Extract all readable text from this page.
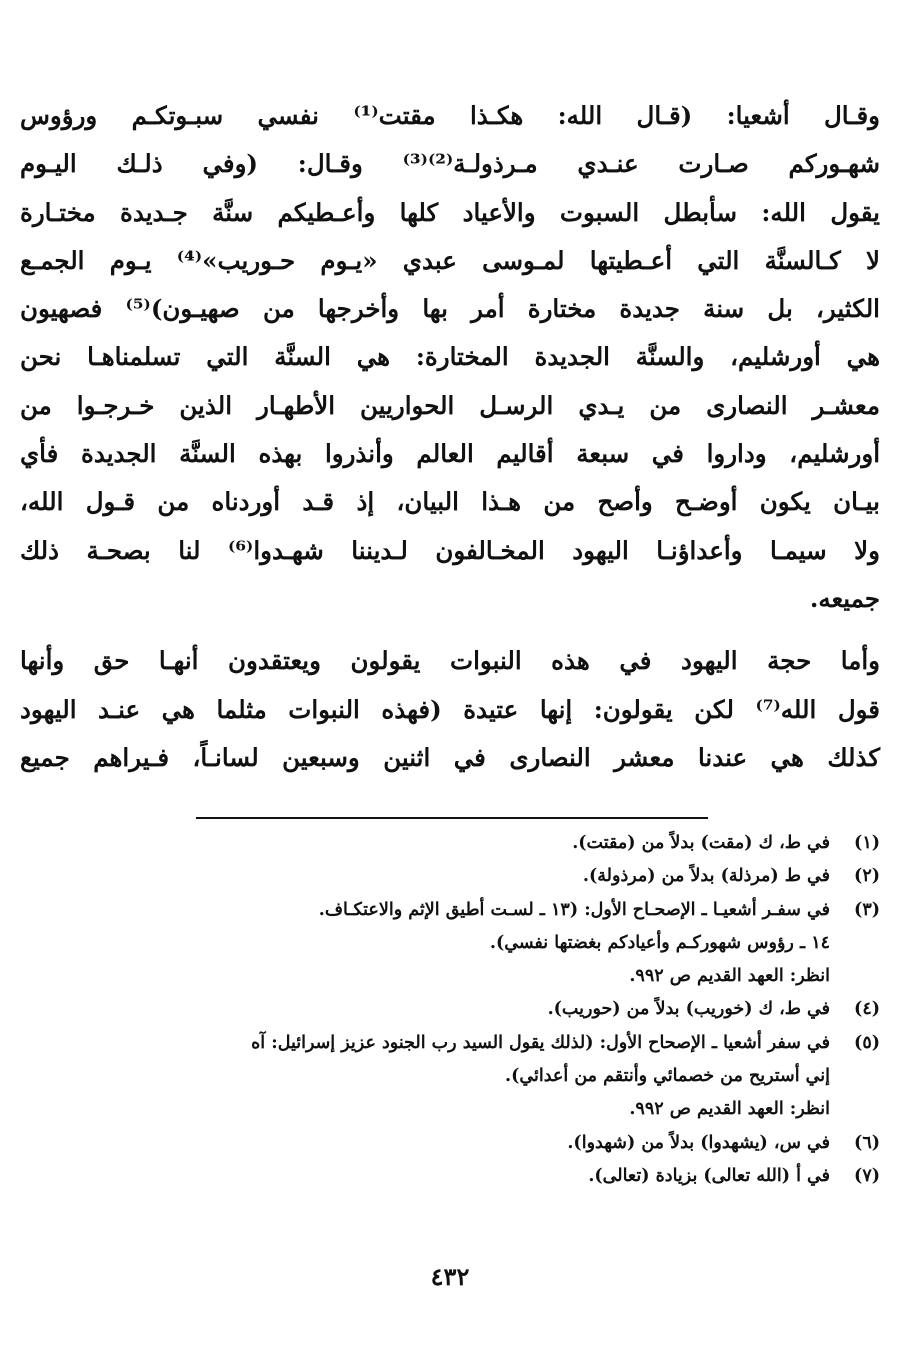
وقـال أشعيا: (قـال الله: هكـذا مقتت⁽¹⁾ نفسي سبـوتكـم ورؤوس
شهـوركم صـارت عنـدي مـرذولـة⁽²⁾⁽³⁾ وقـال: (وفي ذلـك اليـوم
يقول الله: سأبطل السبوت والأعياد كلها وأعـطيكم سنَّة جـديدة مختـارة
لا كـالسنَّة التي أعـطيتها لمـوسى عبدي «يـوم حـوريب»⁽⁴⁾ يـوم الجمـع
الكثير، بل سنة جديدة مختارة أمر بها وأخرجها من صهيـون)⁽⁵⁾ فصهيون
هي أورشليم، والسنَّة الجديدة المختارة: هي السنَّة التي تسلمناهـا نحن
معشـر النصارى من يـدي الرسـل الحواريين الأطهـار الذين خـرجـوا من
أورشليم، وداروا في سبعة أقاليم العالم وأنذروا بهذه السنَّة الجديدة فأي
بيـان يكون أوضـح وأصح من هـذا البيان، إذ قـد أوردناه من قـول الله،
ولا سيمـا وأعداؤنـا اليهود المخـالفون لـديننا شهـدوا⁽⁶⁾ لنا بصحـة ذلك
جميعه.
وأما حجة اليهود في هذه النبوات يقولون ويعتقدون أنهـا حق وأنها
قول الله⁽⁷⁾ لكن يقولون: إنها عتيدة (فهذه النبوات مثلما هي عنـد اليهود
كذلك هي عندنا معشر النصارى في اثنين وسبعين لسانـاً، فـيراهم جميع
(١)
في ط، ك (مقت) بدلاً من (مقتت).
(٢)
في ط (مرذلة) بدلاً من (مرذولة).
(٣)
في سفـر أشعيـا ـ الإصحـاح الأول: (١٣ ـ لسـت أطيق الإثم والاعتكـاف.
١٤ ـ رؤوس شهوركـم وأعيادكم بغضتها نفسي).
انظر: العهد القديم ص ٩٩٢.
(٤)
في ط، ك (خوريب) بدلاً من (حوريب).
(٥)
في سفر أشعيا ـ الإصحاح الأول: (لذلك يقول السيد رب الجنود عزيز إسرائيل: آه
إني أستريح من خصمائي وأنتقم من أعدائي).
انظر: العهد القديم ص ٩٩٢.
(٦)
في س، (يشهدوا) بدلاً من (شهدوا).
(٧)
في أ (الله تعالى) بزيادة (تعالى).
٤٣٢
